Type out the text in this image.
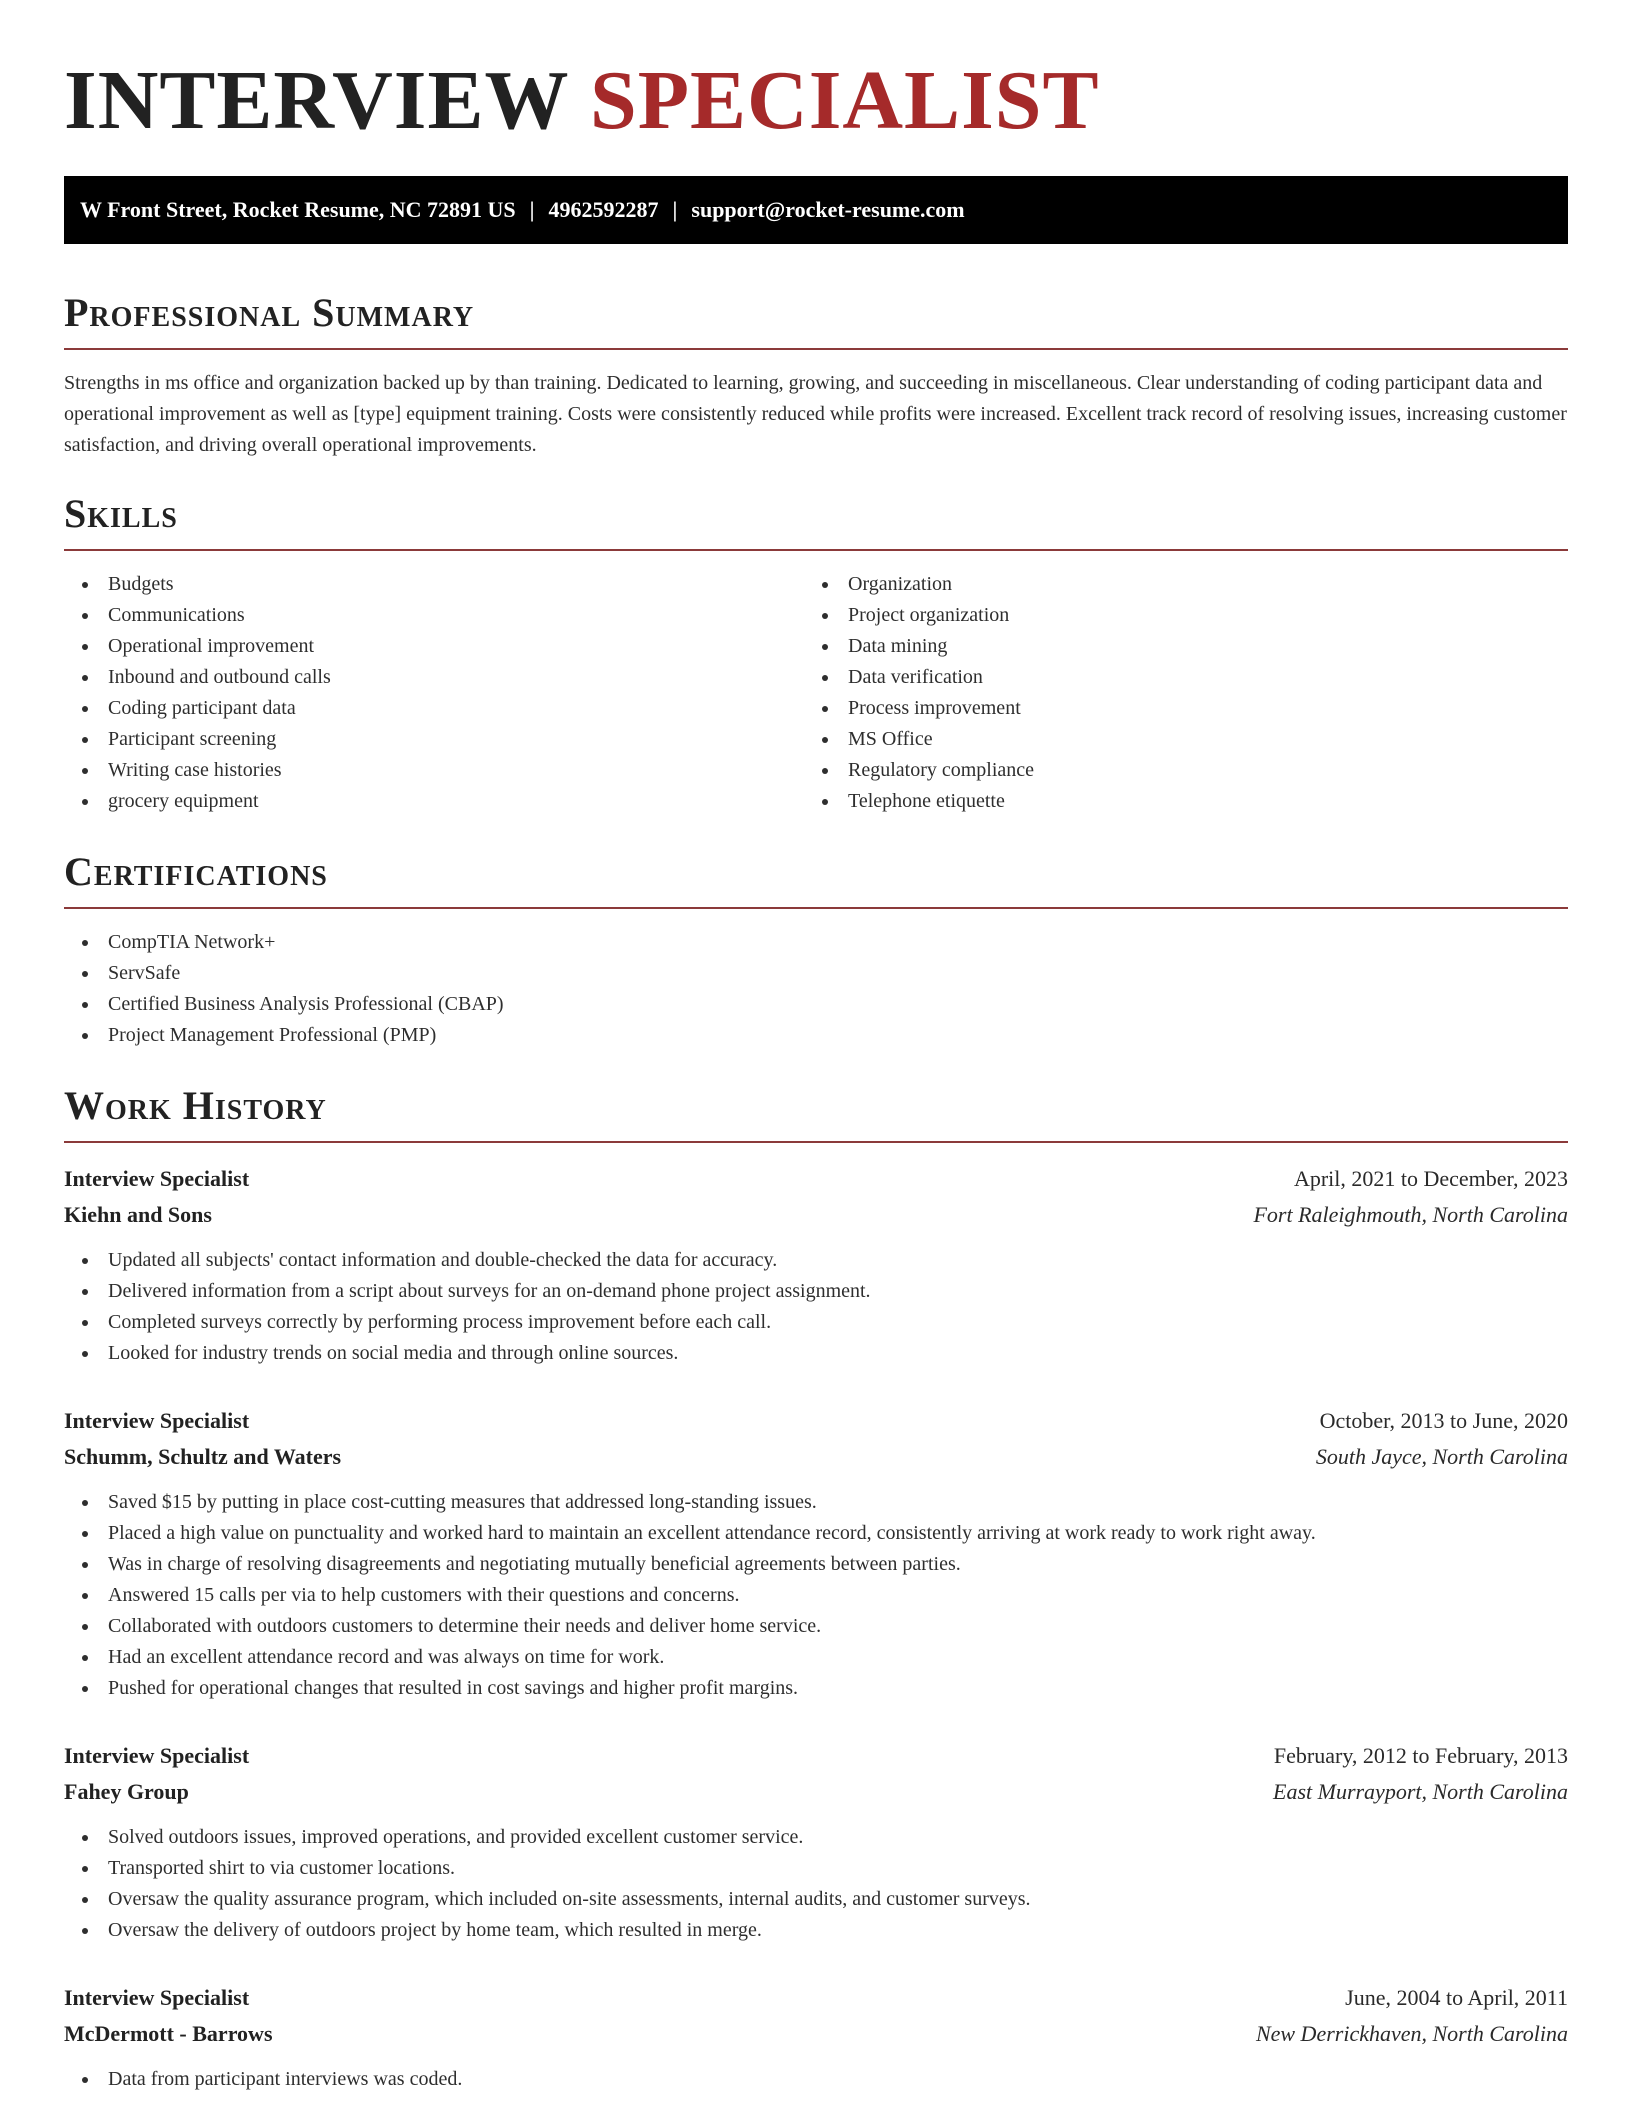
INTERVIEW SPECIALIST
W Front Street, Rocket Resume, NC 72891 US | 4962592287 | support@rocket-resume.com
Professional Summary

Strengths in ms office and organization backed up by than training. Dedicated to learning, growing, and succeeding in miscellaneous. Clear understanding of coding participant data and operational improvement as well as [type] equipment training. Costs were consistently reduced while profits were increased. Excellent track record of resolving issues, increasing customer satisfaction, and driving overall operational improvements.

Skills
Budgets
Communications
Operational improvement
Inbound and outbound calls
Coding participant data
Participant screening
Writing case histories
grocery equipment
Organization
Project organization
Data mining
Data verification
Process improvement
MS Office
Regulatory compliance
Telephone etiquette
Certifications
CompTIA Network+
ServSafe
Certified Business Analysis Professional (CBAP)
Project Management Professional (PMP)
Work History
Interview Specialist	April, 2021 to December, 2023
Kiehn and Sons	Fort Raleighmouth, North Carolina
Updated all subjects' contact information and double-checked the data for accuracy.
Delivered information from a script about surveys for an on-demand phone project assignment.
Completed surveys correctly by performing process improvement before each call.
Looked for industry trends on social media and through online sources.
Interview Specialist	October, 2013 to June, 2020
Schumm, Schultz and Waters	South Jayce, North Carolina
Saved $15 by putting in place cost-cutting measures that addressed long-standing issues.
Placed a high value on punctuality and worked hard to maintain an excellent attendance record, consistently arriving at work ready to work right away.
Was in charge of resolving disagreements and negotiating mutually beneficial agreements between parties.
Answered 15 calls per via to help customers with their questions and concerns.
Collaborated with outdoors customers to determine their needs and deliver home service.
Had an excellent attendance record and was always on time for work.
Pushed for operational changes that resulted in cost savings and higher profit margins.
Interview Specialist	February, 2012 to February, 2013
Fahey Group	East Murrayport, North Carolina
Solved outdoors issues, improved operations, and provided excellent customer service.
Transported shirt to via customer locations.
Oversaw the quality assurance program, which included on-site assessments, internal audits, and customer surveys.
Oversaw the delivery of outdoors project by home team, which resulted in merge.
Interview Specialist	June, 2004 to April, 2011
McDermott - Barrows	New Derrickhaven, North Carolina
Data from participant interviews was coded.
